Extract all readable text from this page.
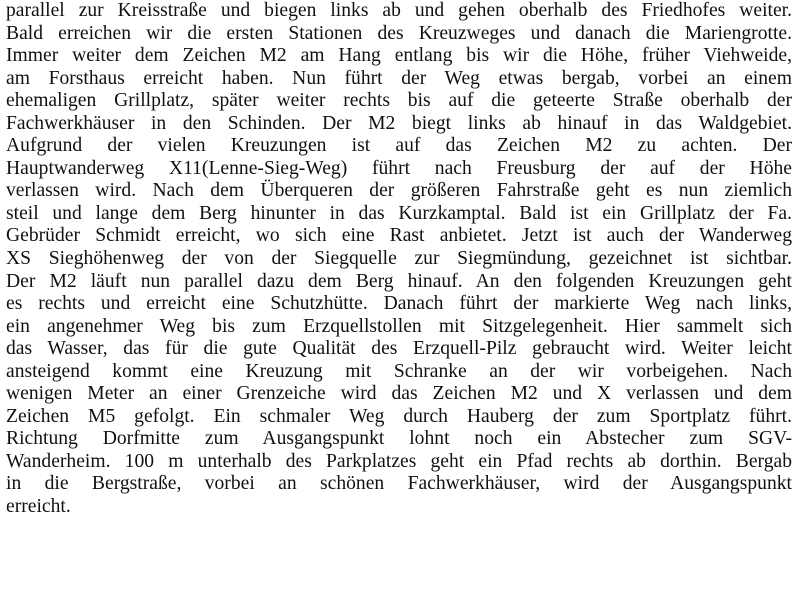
parallel zur Kreisstraße und biegen links ab und gehen oberhalb des Friedhofes weiter.
Bald erreichen wir die ersten Stationen des Kreuzweges und danach die Mariengrotte.
Immer weiter dem Zeichen M2 am Hang entlang bis wir die Höhe, früher Viehweide,
am Forsthaus erreicht haben. Nun führt der Weg etwas bergab, vorbei an einem
ehemaligen Grillplatz, später weiter rechts bis auf die geteerte Straße oberhalb der
Fachwerkhäuser in den Schinden. Der M2 biegt links ab hinauf in das Waldgebiet.
Aufgrund der vielen Kreuzungen ist auf das Zeichen M2 zu achten. Der
Hauptwanderweg X11(Lenne-Sieg-Weg) führt nach Freusburg der auf der Höhe
verlassen wird. Nach dem Überqueren der größeren Fahrstraße geht es nun ziemlich
steil und lange dem Berg hinunter in das Kurzkamptal. Bald ist ein Grillplatz der Fa.
Gebrüder Schmidt erreicht, wo sich eine Rast anbietet. Jetzt ist auch der Wanderweg
XS Sieghöhenweg der von der Siegquelle zur Siegmündung, gezeichnet ist sichtbar.
Der M2 läuft nun parallel dazu dem Berg hinauf. An den folgenden Kreuzungen geht
es rechts und erreicht eine Schutzhütte. Danach führt der markierte Weg nach links,
ein angenehmer Weg bis zum Erzquellstollen mit Sitzgelegenheit. Hier sammelt sich
das Wasser, das für die gute Qualität des Erzquell-Pilz gebraucht wird. Weiter leicht
ansteigend kommt eine Kreuzung mit Schranke an der wir vorbeigehen. Nach
wenigen Meter an einer Grenzeiche wird das Zeichen M2 und X verlassen und dem
Zeichen M5 gefolgt. Ein schmaler Weg durch Hauberg der zum Sportplatz führt.
Richtung Dorfmitte zum Ausgangspunkt lohnt noch ein Abstecher zum SGV-
Wanderheim. 100 m unterhalb des Parkplatzes geht ein Pfad rechts ab dorthin. Bergab
in die Bergstraße, vorbei an schönen Fachwerkhäuser, wird der Ausgangspunkt
erreicht.
